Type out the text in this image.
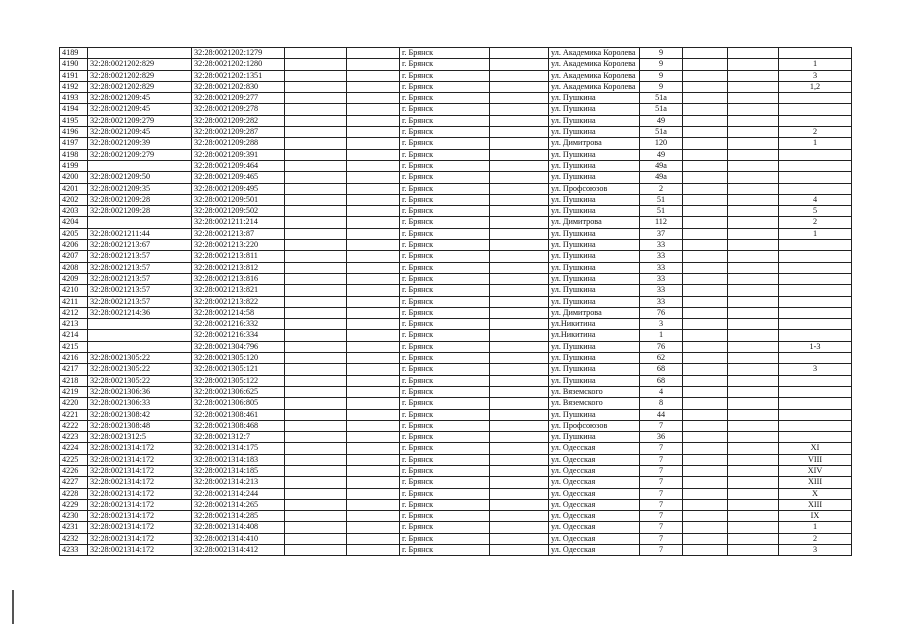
4189		32:28:0021202:1279			г. Брянск		ул. Академика Королева	9			
4190	32:28:0021202:829	32:28:0021202:1280			г. Брянск		ул. Академика Королева	9			1
4191	32:28:0021202:829	32:28:0021202:1351			г. Брянск		ул. Академика Королева	9			3
4192	32:28:0021202:829	32:28:0021202:830			г. Брянск		ул. Академика Королева	9			1,2
4193	32:28:0021209:45	32:28:0021209:277			г. Брянск		ул. Пушкина	51а			
4194	32:28:0021209:45	32:28:0021209:278			г. Брянск		ул. Пушкина	51а			
4195	32:28:0021209:279	32:28:0021209:282			г. Брянск		ул. Пушкина	49			
4196	32:28:0021209:45	32:28:0021209:287			г. Брянск		ул. Пушкина	51а			2
4197	32:28:0021209:39	32:28:0021209:288			г. Брянск		ул. Димитрова	120			1
4198	32:28:0021209:279	32:28:0021209:391			г. Брянск		ул. Пушкина	49			
4199		32:28:0021209:464			г. Брянск		ул. Пушкина	49а			
4200	32:28:0021209:50	32:28:0021209:465			г. Брянск		ул. Пушкина	49а			
4201	32:28:0021209:35	32:28:0021209:495			г. Брянск		ул. Профсоюзов	2			
4202	32:28:0021209:28	32:28:0021209:501			г. Брянск		ул. Пушкина	51			4
4203	32:28:0021209:28	32:28:0021209:502			г. Брянск		ул. Пушкина	51			5
4204		32:28:0021211:214			г. Брянск		ул. Димитрова	112			2
4205	32:28:0021211:44	32:28:0021213:87			г. Брянск		ул. Пушкина	37			1
4206	32:28:0021213:67	32:28:0021213:220			г. Брянск		ул. Пушкина	33			
4207	32:28:0021213:57	32:28:0021213:811			г. Брянск		ул. Пушкина	33			
4208	32:28:0021213:57	32:28:0021213:812			г. Брянск		ул. Пушкина	33			
4209	32:28:0021213:57	32:28:0021213:816			г. Брянск		ул. Пушкина	33			
4210	32:28:0021213:57	32:28:0021213:821			г. Брянск		ул. Пушкина	33			
4211	32:28:0021213:57	32:28:0021213:822			г. Брянск		ул. Пушкина	33			
4212	32:28:0021214:36	32:28:0021214:58			г. Брянск		ул. Димитрова	76			
4213		32:28:0021216:332			г. Брянск		ул.Никитина	3			
4214		32:28:0021216:334			г. Брянск		ул.Никитина	1			
4215		32:28:0021304:796			г. Брянск		ул. Пушкина	76			1-3
4216	32:28:0021305:22	32:28:0021305:120			г. Брянск		ул. Пушкина	62			
4217	32:28:0021305:22	32:28:0021305:121			г. Брянск		ул. Пушкина	68			3
4218	32:28:0021305:22	32:28:0021305:122			г. Брянск		ул. Пушкина	68			
4219	32:28:0021306:36	32:28:0021306:625			г. Брянск		ул. Вяземского	4			
4220	32:28:0021306:33	32:28:0021306:805			г. Брянск		ул. Вяземского	8			
4221	32:28:0021308:42	32:28:0021308:461			г. Брянск		ул. Пушкина	44			
4222	32:28:0021308:48	32:28:0021308:468			г. Брянск		ул. Профсоюзов	7			
4223	32:28:0021312:5	32:28:0021312:7			г. Брянск		ул. Пушкина	36			
4224	32:28:0021314:172	32:28:0021314:175			г. Брянск		ул. Одесская	7			XI
4225	32:28:0021314:172	32:28:0021314:183			г. Брянск		ул. Одесская	7			VIII
4226	32:28:0021314:172	32:28:0021314:185			г. Брянск		ул. Одесская	7			XIV
4227	32:28:0021314:172	32:28:0021314:213			г. Брянск		ул. Одесская	7			XIII
4228	32:28:0021314:172	32:28:0021314:244			г. Брянск		ул. Одесская	7			X
4229	32:28:0021314:172	32:28:0021314:265			г. Брянск		ул. Одесская	7			XIII
4230	32:28:0021314:172	32:28:0021314:285			г. Брянск		ул. Одесская	7			IX
4231	32:28:0021314:172	32:28:0021314:408			г. Брянск		ул. Одесская	7			1
4232	32:28:0021314:172	32:28:0021314:410			г. Брянск		ул. Одесская	7			2
4233	32:28:0021314:172	32:28:0021314:412			г. Брянск		ул. Одесская	7			3
